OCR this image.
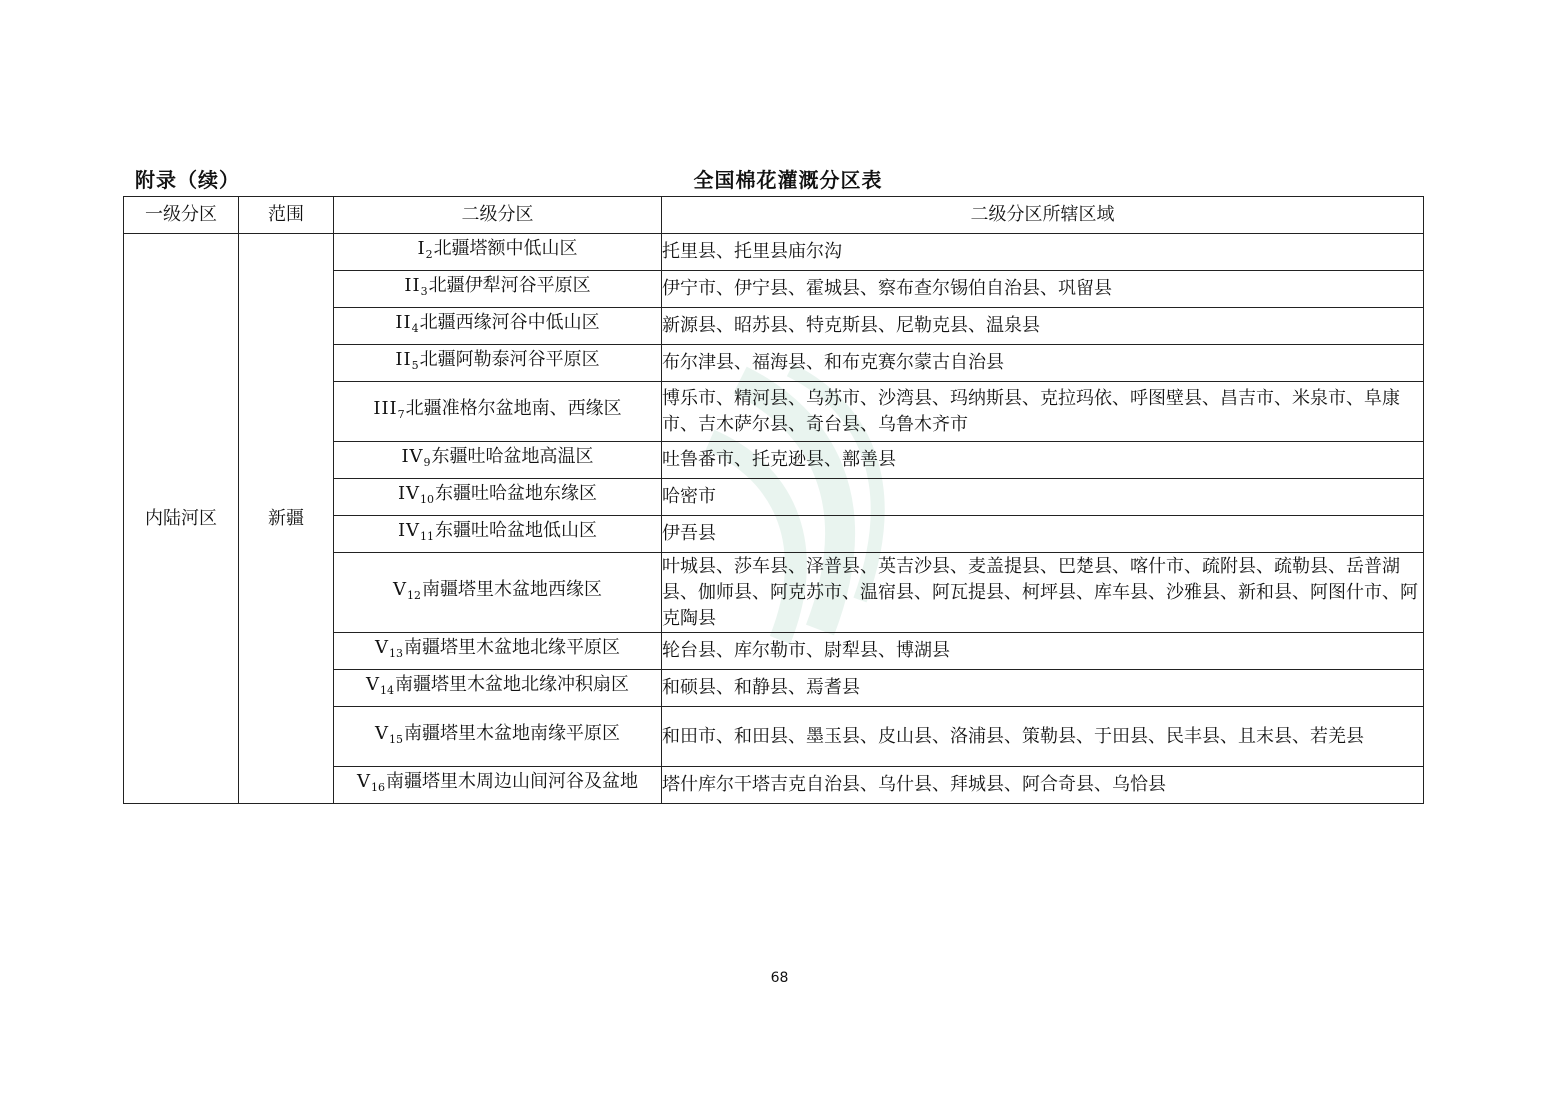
附录（续）	全国棉花灌溉分区表
一级分区	范围	二级分区	二级分区所辖区域
内陆河区	新疆	$I_2$北疆塔额中低山区	托里县、托里县庙尔沟
		$II_3$北疆伊犁河谷平原区	伊宁市、伊宁县、霍城县、察布查尔锡伯自治县、巩留县
		$II_4$北疆西缘河谷中低山区	新源县、昭苏县、特克斯县、尼勒克县、温泉县
		$II_5$北疆阿勒泰河谷平原区	布尔津县、福海县、和布克赛尔蒙古自治县
		$III_7$北疆准格尔盆地南、西缘区	博乐市、精河县、乌苏市、沙湾县、玛纳斯县、克拉玛依、呼图壁县、昌吉市、米泉市、阜康市、吉木萨尔县、奇台县、乌鲁木齐市
		$IV_9$东疆吐哈盆地高温区	吐鲁番市、托克逊县、鄯善县
		$IV_{10}$东疆吐哈盆地东缘区	哈密市
		$IV_{11}$东疆吐哈盆地低山区	伊吾县
		$V_{12}$南疆塔里木盆地西缘区	叶城县、莎车县、泽普县、英吉沙县、麦盖提县、巴楚县、喀什市、疏附县、疏勒县、岳普湖县、伽师县、阿克苏市、温宿县、阿瓦提县、柯坪县、库车县、沙雅县、新和县、阿图什市、阿克陶县
		$V_{13}$南疆塔里木盆地北缘平原区	轮台县、库尔勒市、尉犁县、博湖县
		$V_{14}$南疆塔里木盆地北缘冲积扇区	和硕县、和静县、焉耆县
		$V_{15}$南疆塔里木盆地南缘平原区	和田市、和田县、墨玉县、皮山县、洛浦县、策勒县、于田县、民丰县、且末县、若羌县
		$V_{16}$南疆塔里木周边山间河谷及盆地	塔什库尔干塔吉克自治县、乌什县、拜城县、阿合奇县、乌恰县
68
